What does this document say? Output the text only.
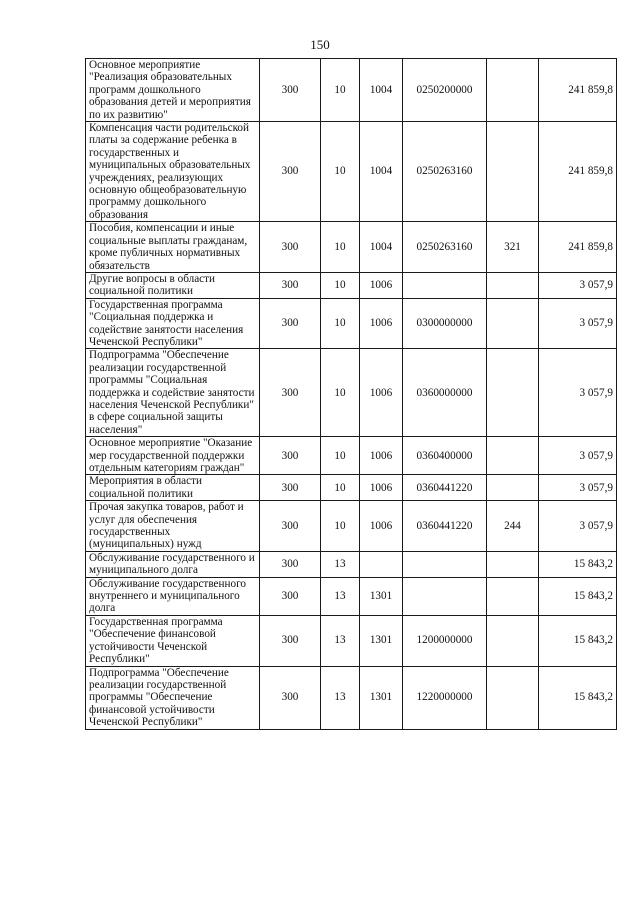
150
Основное мероприятие "Реализация образовательных программ дошкольного образования детей и мероприятия по их развитию"	300	10	1004	0250200000		241 859,8
Компенсация части родительской платы за содержание ребенка в государственных и муниципальных образовательных учреждениях, реализующих основную общеобразовательную программу дошкольного образования	300	10	1004	0250263160		241 859,8
Пособия, компенсации и иные социальные выплаты гражданам, кроме публичных нормативных обязательств	300	10	1004	0250263160	321	241 859,8
Другие вопросы в области социальной политики	300	10	1006			3 057,9
Государственная программа "Социальная поддержка и содействие занятости населения Чеченской Республики"	300	10	1006	0300000000		3 057,9
Подпрограмма "Обеспечение реализации государственной программы "Социальная поддержка и содействие занятости населения Чеченской Республики" в сфере социальной защиты населения"	300	10	1006	0360000000		3 057,9
Основное мероприятие "Оказание мер государственной поддержки отдельным категориям граждан"	300	10	1006	0360400000		3 057,9
Мероприятия в области социальной политики	300	10	1006	0360441220		3 057,9
Прочая закупка товаров, работ и услуг для обеспечения государственных (муниципальных) нужд	300	10	1006	0360441220	244	3 057,9
Обслуживание государственного и муниципального долга	300	13				15 843,2
Обслуживание государственного внутреннего и муниципального долга	300	13	1301			15 843,2
Государственная программа "Обеспечение финансовой устойчивости Чеченской Республики"	300	13	1301	1200000000		15 843,2
Подпрограмма "Обеспечение реализации государственной программы "Обеспечение финансовой устойчивости Чеченской Республики"	300	13	1301	1220000000		15 843,2
